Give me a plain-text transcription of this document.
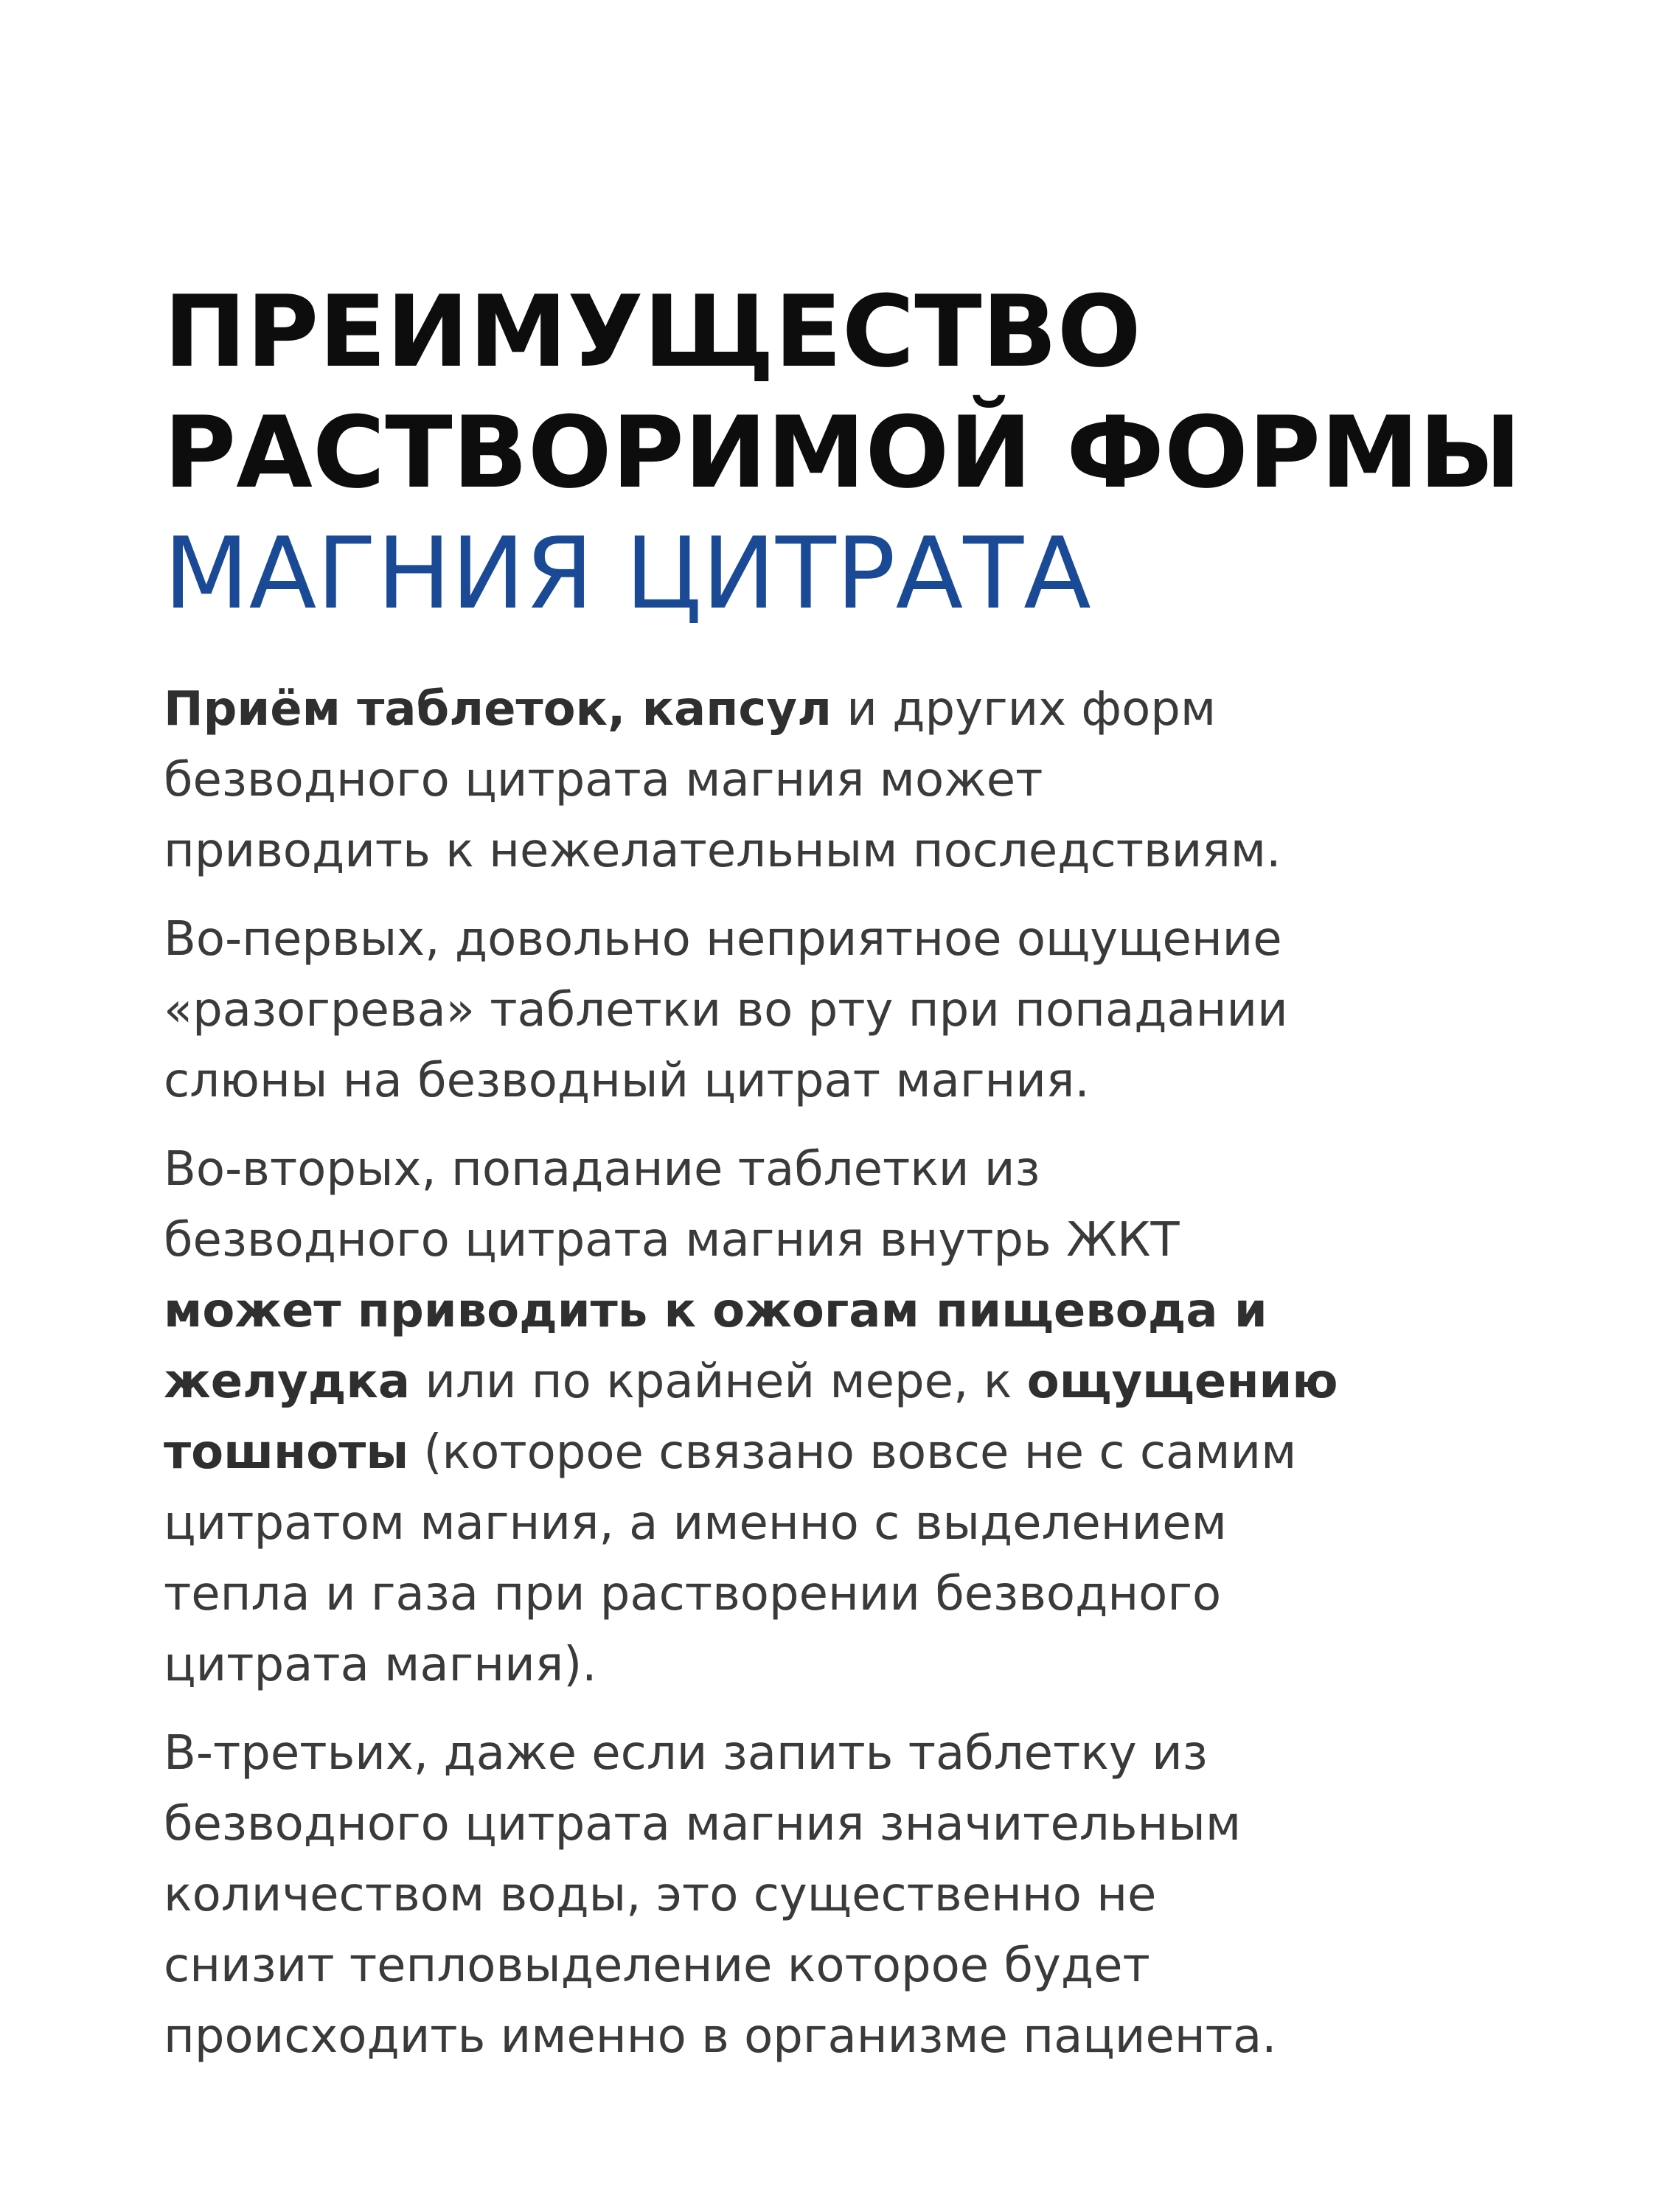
ПРЕИМУЩЕСТВО
РАСТВОРИМОЙ ФОРМЫ
МАГНИЯ ЦИТРАТА

Приём таблеток, капсул и других форм
безводного цитрата магния может
приводить к нежелательным последствиям.

Во-первых, довольно неприятное ощущение
«разогрева» таблетки во рту при попадании
слюны на безводный цитрат магния.

Во-вторых, попадание таблетки из
безводного цитрата магния внутрь ЖКТ
может приводить к ожогам пищевода и
желудка или по крайней мере, к ощущению
тошноты (которое связано вовсе не с самим
цитратом магния, а именно с выделением
тепла и газа при растворении безводного
цитрата магния).

В-третьих, даже если запить таблетку из
безводного цитрата магния значительным
количеством воды, это существенно не
снизит тепловыделение которое будет
происходить именно в организме пациента.
